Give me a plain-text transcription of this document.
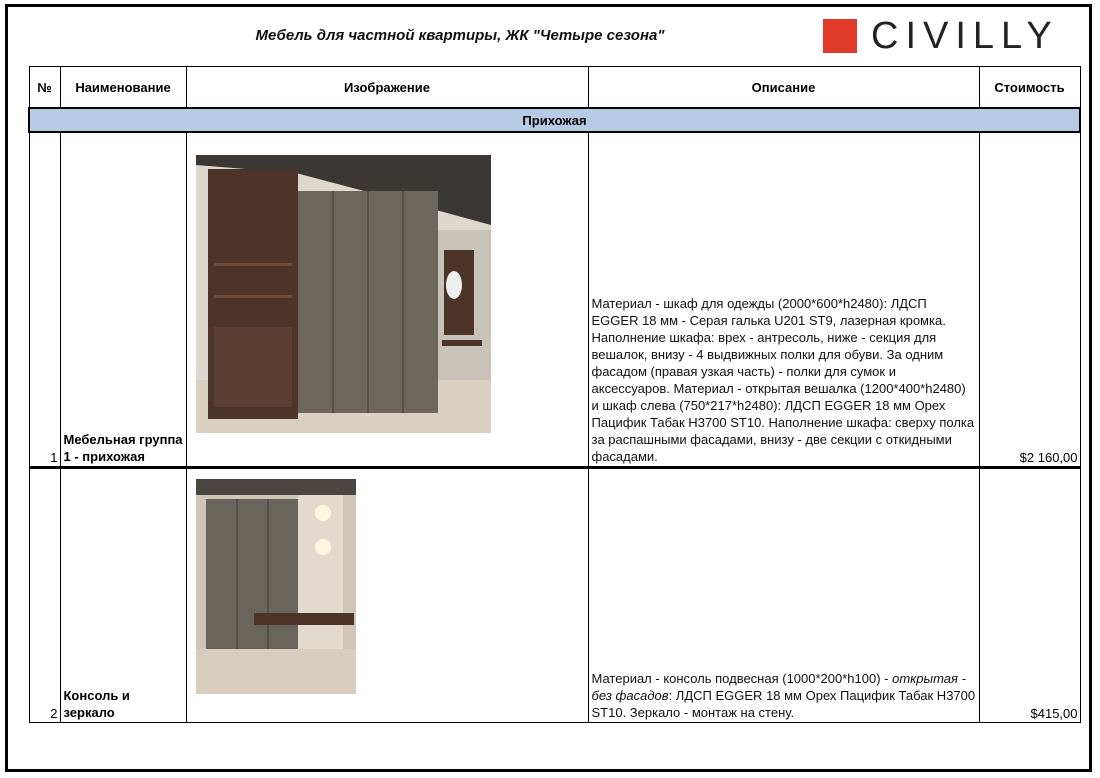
Мебель для частной квартиры, ЖК "Четыре сезона"	CIVILLY
№	Наименование	Изображение	Описание	Стоимость
Прихожая				
1	Мебельная группа 1 - прихожая		Материал - шкаф для одежды (2000*600*h2480): ЛДСП EGGER 18 мм - Серая галька U201 ST9, лазерная кромка. Наполнение шкафа: врех - антресоль, ниже - секция для вешалок, внизу - 4 выдвижных полки для обуви. За одним фасадом (правая узкая часть) - полки для сумок и аксессуаров. Материал - открытая вешалка (1200*400*h2480) и шкаф слева (750*217*h2480): ЛДСП EGGER 18 мм Орех Пацифик Табак H3700 ST10. Наполнение шкафа: сверху полка за распашными фасадами, внизу - две секции с откидными фасадами.	$2 160,00
2	Консоль и зеркало		Материал - консоль подвесная (1000*200*h100) - открытая - без фасадов: ЛДСП EGGER 18 мм Орех Пацифик Табак H3700 ST10. Зеркало - монтаж на стену.	$415,00
